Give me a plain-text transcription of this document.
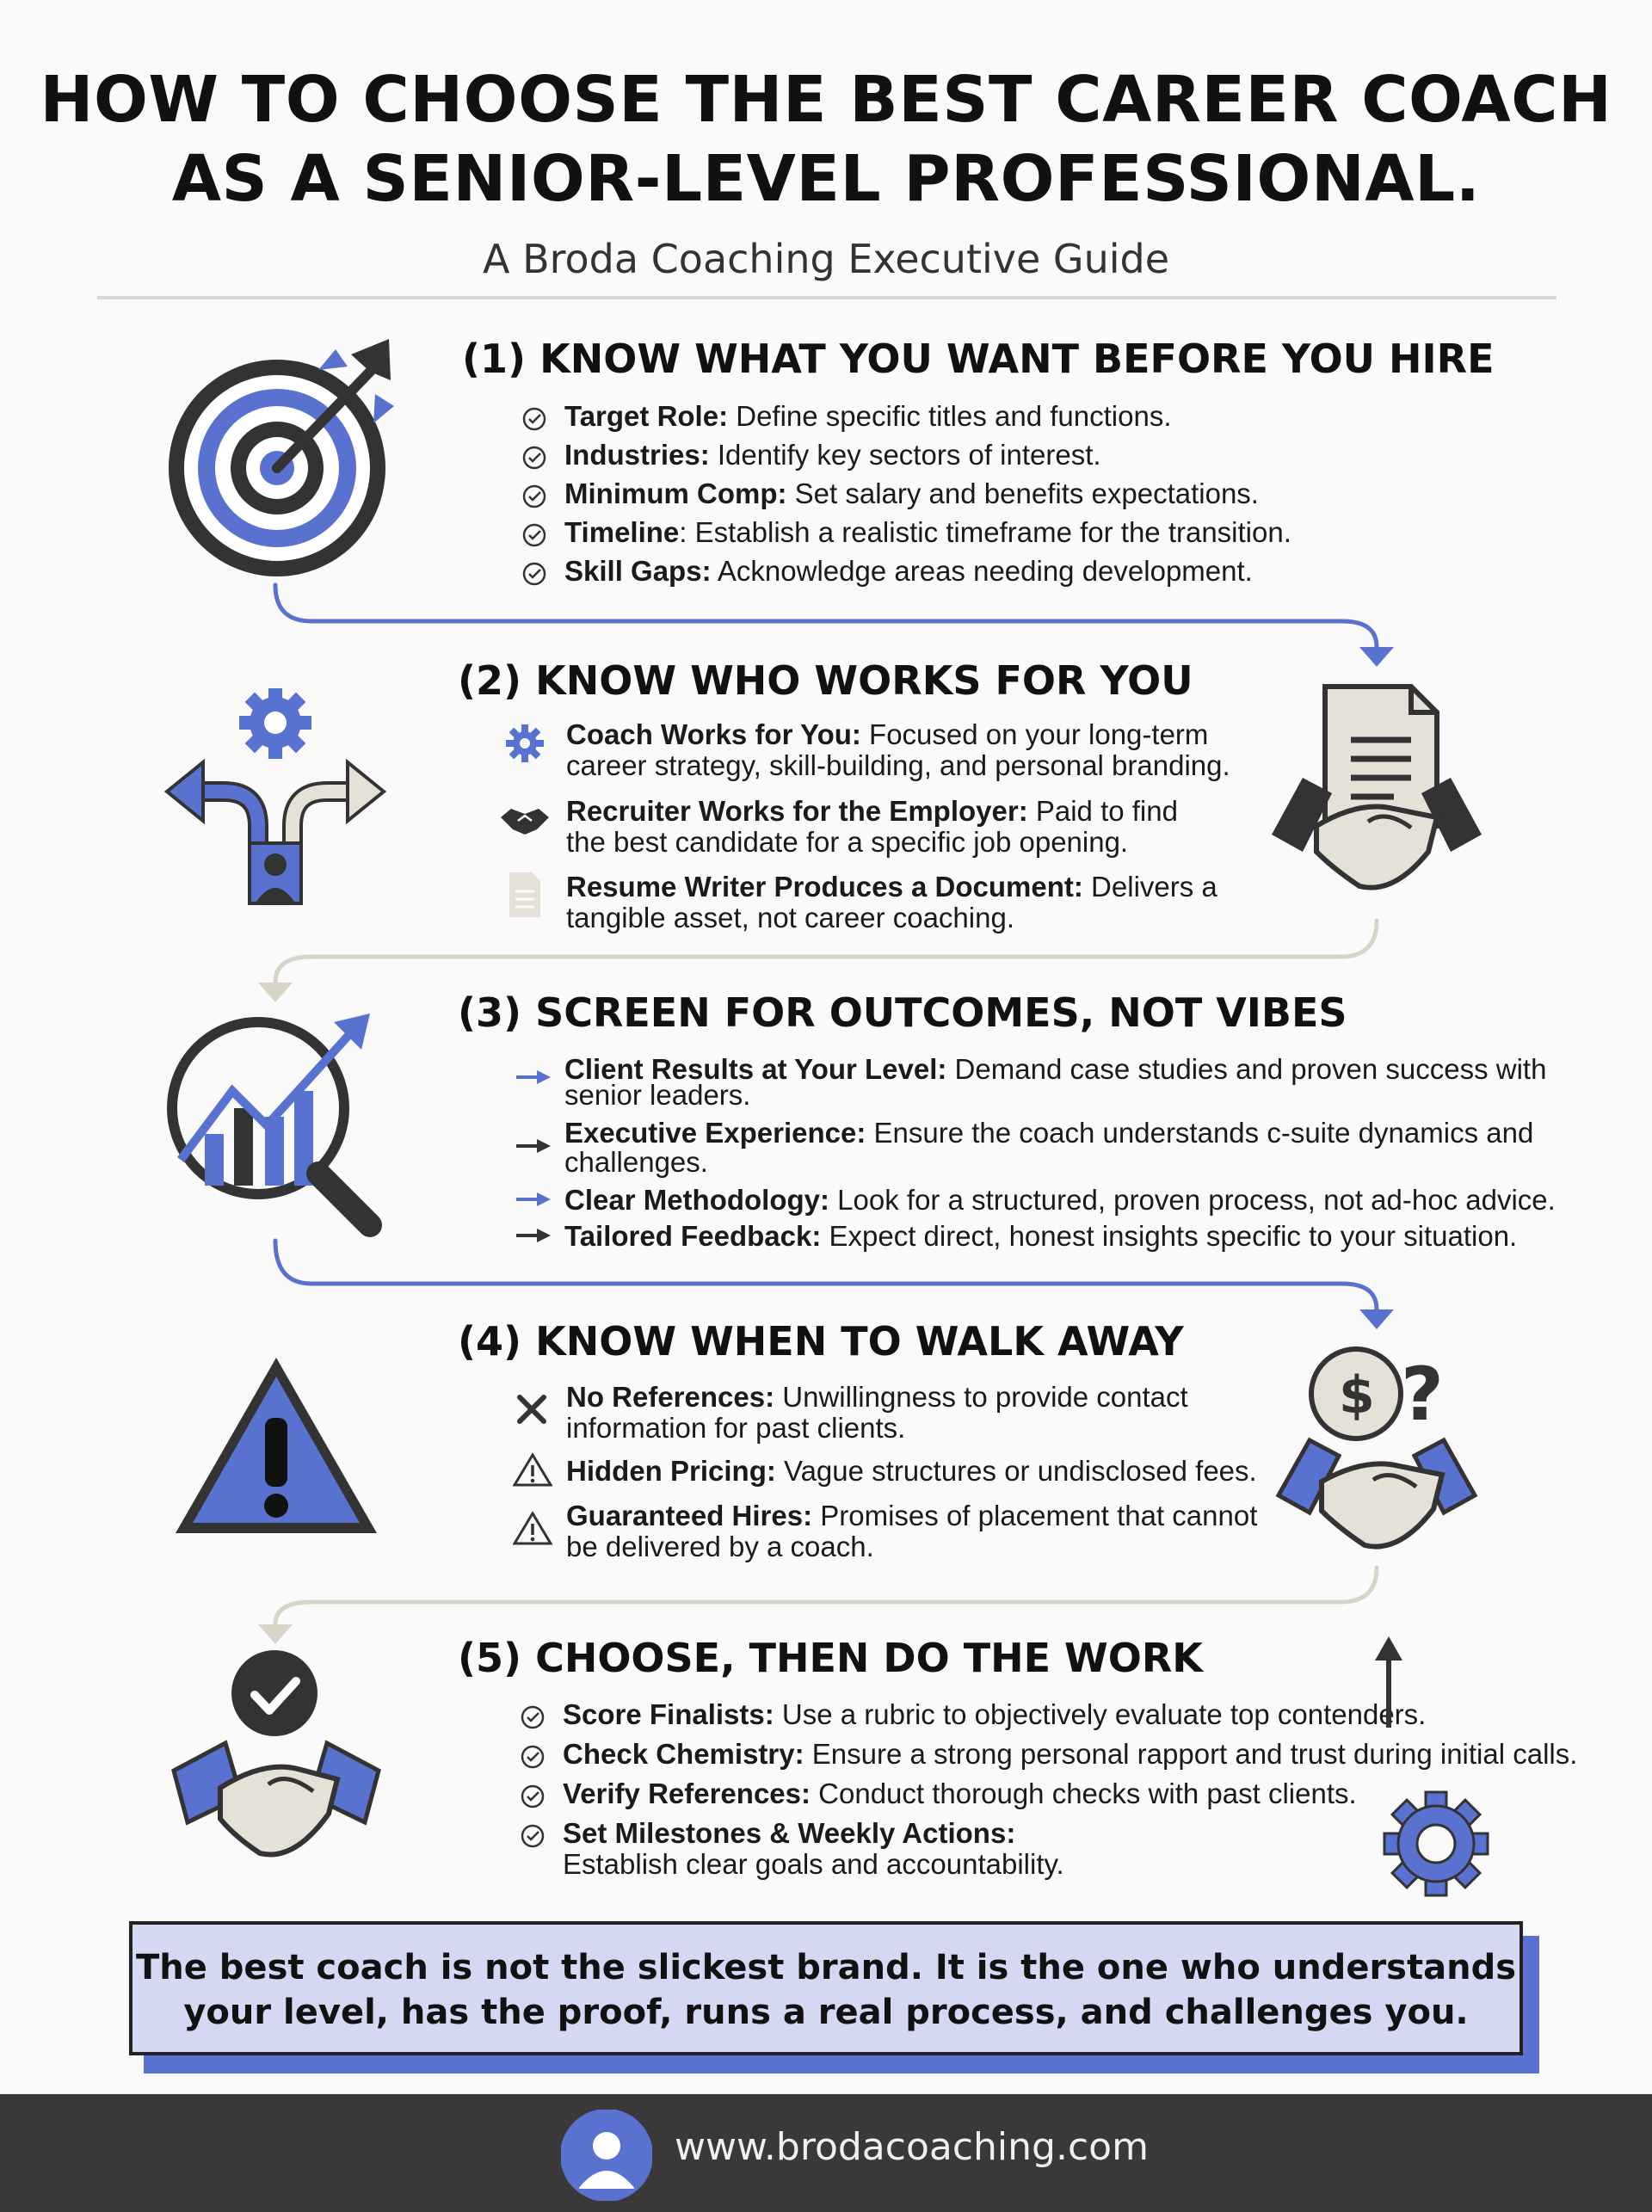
HOW TO CHOOSE THE BEST CAREER COACH
AS A SENIOR-LEVEL PROFESSIONAL.
A Broda Coaching Executive Guide
(1) KNOW WHAT YOU WANT BEFORE YOU HIRE
Target Role: Define specific titles and functions.
Industries: Identify key sectors of interest.
Minimum Comp: Set salary and benefits expectations.
Timeline: Establish a realistic timeframe for the transition.
Skill Gaps: Acknowledge areas needing development.
(2) KNOW WHO WORKS FOR YOU
Coach Works for You: Focused on your long-term
career strategy, skill-building, and personal branding.
Recruiter Works for the Employer: Paid to find
the best candidate for a specific job opening.
Resume Writer Produces a Document: Delivers a
tangible asset, not career coaching.
(3) SCREEN FOR OUTCOMES, NOT VIBES
Client Results at Your Level: Demand case studies and proven success with
senior leaders.
Executive Experience: Ensure the coach understands c-suite dynamics and
challenges.
Clear Methodology: Look for a structured, proven process, not ad-hoc advice.
Tailored Feedback: Expect direct, honest insights specific to your situation.
(4) KNOW WHEN TO WALK AWAY
No References: Unwillingness to provide contact
information for past clients.
Hidden Pricing: Vague structures or undisclosed fees.
Guaranteed Hires: Promises of placement that cannot
be delivered by a coach.
$ ?
(5) CHOOSE, THEN DO THE WORK
Score Finalists: Use a rubric to objectively evaluate top contenders.
Check Chemistry: Ensure a strong personal rapport and trust during initial calls.
Verify References: Conduct thorough checks with past clients.
Set Milestones & Weekly Actions:
Establish clear goals and accountability.
The best coach is not the slickest brand. It is the one who understands
your level, has the proof, runs a real process, and challenges you.
www.brodacoaching.com
